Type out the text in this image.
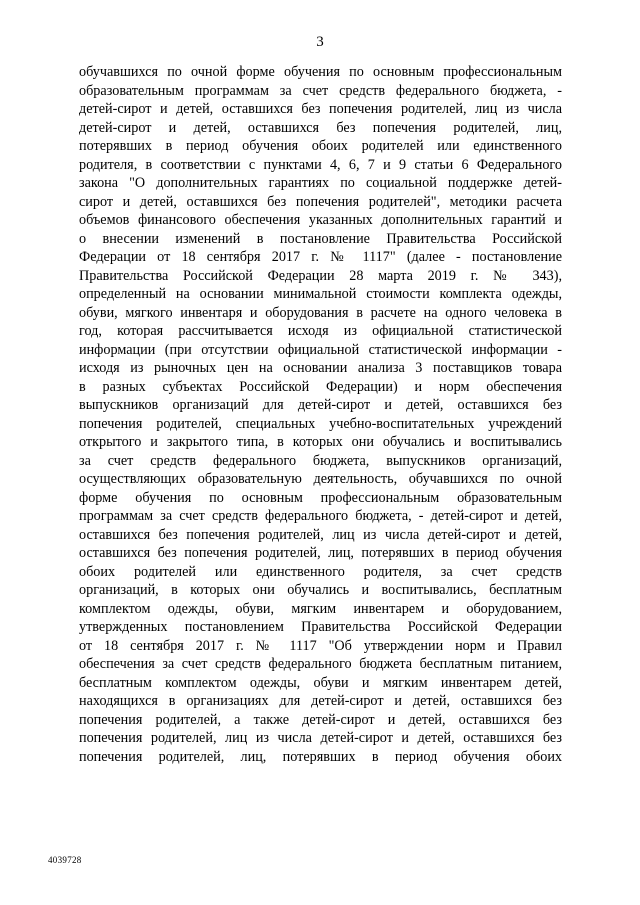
3
обучавшихся по очной форме обучения по основным профессиональным
образовательным программам за счет средств федерального бюджета, -
детей-сирот и детей, оставшихся без попечения родителей, лиц из числа
детей-сирот и детей, оставшихся без попечения родителей, лиц,
потерявших в период обучения обоих родителей или единственного
родителя, в соответствии с пунктами 4, 6, 7 и 9 статьи 6 Федерального
закона "О дополнительных гарантиях по социальной поддержке детей-
сирот и детей, оставшихся без попечения родителей", методики расчета
объемов финансового обеспечения указанных дополнительных гарантий и
о внесении изменений в постановление Правительства Российской
Федерации от 18 сентября 2017 г. № 1117" (далее - постановление
Правительства Российской Федерации 28 марта 2019 г. № 343),
определенный на основании минимальной стоимости комплекта одежды,
обуви, мягкого инвентаря и оборудования в расчете на одного человека в
год, которая рассчитывается исходя из официальной статистической
информации (при отсутствии официальной статистической информации -
исходя из рыночных цен на основании анализа 3 поставщиков товара
в разных субъектах Российской Федерации) и норм обеспечения
выпускников организаций для детей-сирот и детей, оставшихся без
попечения родителей, специальных учебно-воспитательных учреждений
открытого и закрытого типа, в которых они обучались и воспитывались
за счет средств федерального бюджета, выпускников организаций,
осуществляющих образовательную деятельность, обучавшихся по очной
форме обучения по основным профессиональным образовательным
программам за счет средств федерального бюджета, - детей-сирот и детей,
оставшихся без попечения родителей, лиц из числа детей-сирот и детей,
оставшихся без попечения родителей, лиц, потерявших в период обучения
обоих родителей или единственного родителя, за счет средств
организаций, в которых они обучались и воспитывались, бесплатным
комплектом одежды, обуви, мягким инвентарем и оборудованием,
утвержденных постановлением Правительства Российской Федерации
от 18 сентября 2017 г. № 1117 "Об утверждении норм и Правил
обеспечения за счет средств федерального бюджета бесплатным питанием,
бесплатным комплектом одежды, обуви и мягким инвентарем детей,
находящихся в организациях для детей-сирот и детей, оставшихся без
попечения родителей, а также детей-сирот и детей, оставшихся без
попечения родителей, лиц из числа детей-сирот и детей, оставшихся без
попечения родителей, лиц, потерявших в период обучения обоих
4039728
